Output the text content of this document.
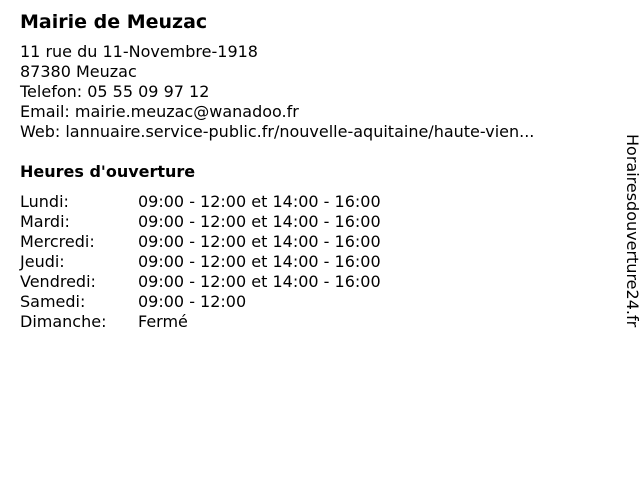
Mairie de Meuzac
11 rue du 11-Novembre-1918
87380 Meuzac
Telefon: 05 55 09 97 12
Email: mairie.meuzac@wanadoo.fr
Web: lannuaire.service-public.fr/nouvelle-aquitaine/haute-vien...
Heures d'ouverture
Lundi:	09:00 - 12:00 et 14:00 - 16:00
Mardi:	09:00 - 12:00 et 14:00 - 16:00
Mercredi:	09:00 - 12:00 et 14:00 - 16:00
Jeudi:	09:00 - 12:00 et 14:00 - 16:00
Vendredi:	09:00 - 12:00 et 14:00 - 16:00
Samedi:	09:00 - 12:00
Dimanche:	Fermé	Horairesdouverture24.fr
